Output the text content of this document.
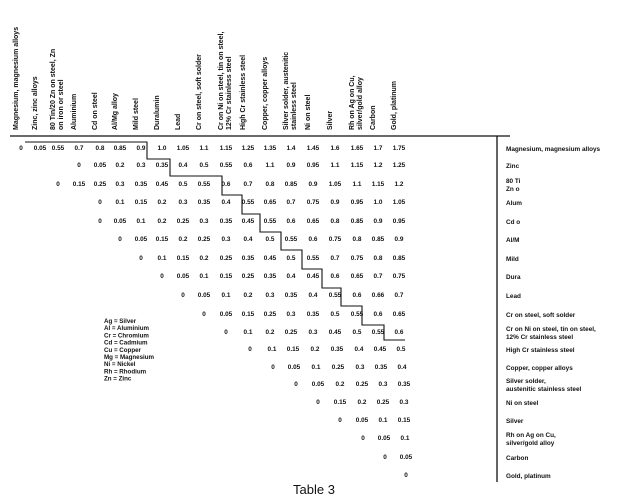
Magnesium, magnesium alloys Zinc, zinc alloys 80 Tin/20 Zn on steel, Zn on iron or steel Aluminium Cd on steel Al/Mg alloy Mild steel Duralumin Lead Cr on steel, soft solder Cr on Ni on steel, tin on steel, 12% Cr stainless steel High Cr stainless steel Copper, copper alloys Silver solder, austenitic stainless steel Ni on steel Silver Rh on Ag on Cu, silver/gold alloy Carbon Gold, platinum
0 0.05 0.55 0.7 0.8 0.85 0.9 1.0 1.05 1.1 1.15 1.25 1.35 1.4 1.45 1.6 1.65 1.7 1.75
0 0.05 0.2 0.3 0.35 0.4 0.5 0.55 0.6 1.1 0.9 0.95 1.1 1.15 1.2 1.25
0 0.15 0.25 0.3 0.35 0.45 0.5 0.55 0.6 0.7 0.8 0.85 0.9 1.05 1.1 1.15 1.2
0 0.1 0.15 0.2 0.3 0.35 0.4 0.55 0.65 0.7 0.75 0.9 0.95 1.0 1.05
0 0.05 0.1 0.2 0.25 0.3 0.35 0.45 0.55 0.6 0.65 0.8 0.85 0.9 0.95
0 0.05 0.15 0.2 0.25 0.3 0.4 0.5 0.55 0.6 0.75 0.8 0.85 0.9
0 0.1 0.15 0.2 0.25 0.35 0.45 0.5 0.55 0.7 0.75 0.8 0.85
0 0.05 0.1 0.15 0.25 0.35 0.4 0.45 0.6 0.65 0.7 0.75
0 0.05 0.1 0.2 0.3 0.35 0.4 0.55 0.6 0.66 0.7
0 0.05 0.15 0.25 0.3 0.35 0.5 0.55 0.6 0.65
0 0.1 0.2 0.25 0.3 0.45 0.5 0.55 0.6
0 0.1 0.15 0.2 0.35 0.4 0.45 0.5
0 0.05 0.1 0.25 0.3 0.35 0.4
0 0.05 0.2 0.25 0.3 0.35
0 0.15 0.2 0.25 0.3
0 0.05 0.1 0.15
0 0.05 0.1
0 0.05
0
Magnesium, magnesium alloys
Zinc
80 Ti
Zn o
Alum
Cd o
Al/M
Mild
Dura
Lead
Cr on steel, soft solder
Cr on Ni on steel, tin on steel,
12% Cr stainless steel
High Cr stainless steel
Copper, copper alloys
Silver solder,
austenitic stainless steel
Ni on steel
Silver
Rh on Ag on Cu,
silver/gold alloy
Carbon
Gold, platinum
Ag = Silver
Al = Aluminium
Cr = Chromium
Cd = Cadmium
Cu = Copper
Mg = Magnesium
Ni = Nickel
Rh = Rhodium
Zn = Zinc
Table 3
